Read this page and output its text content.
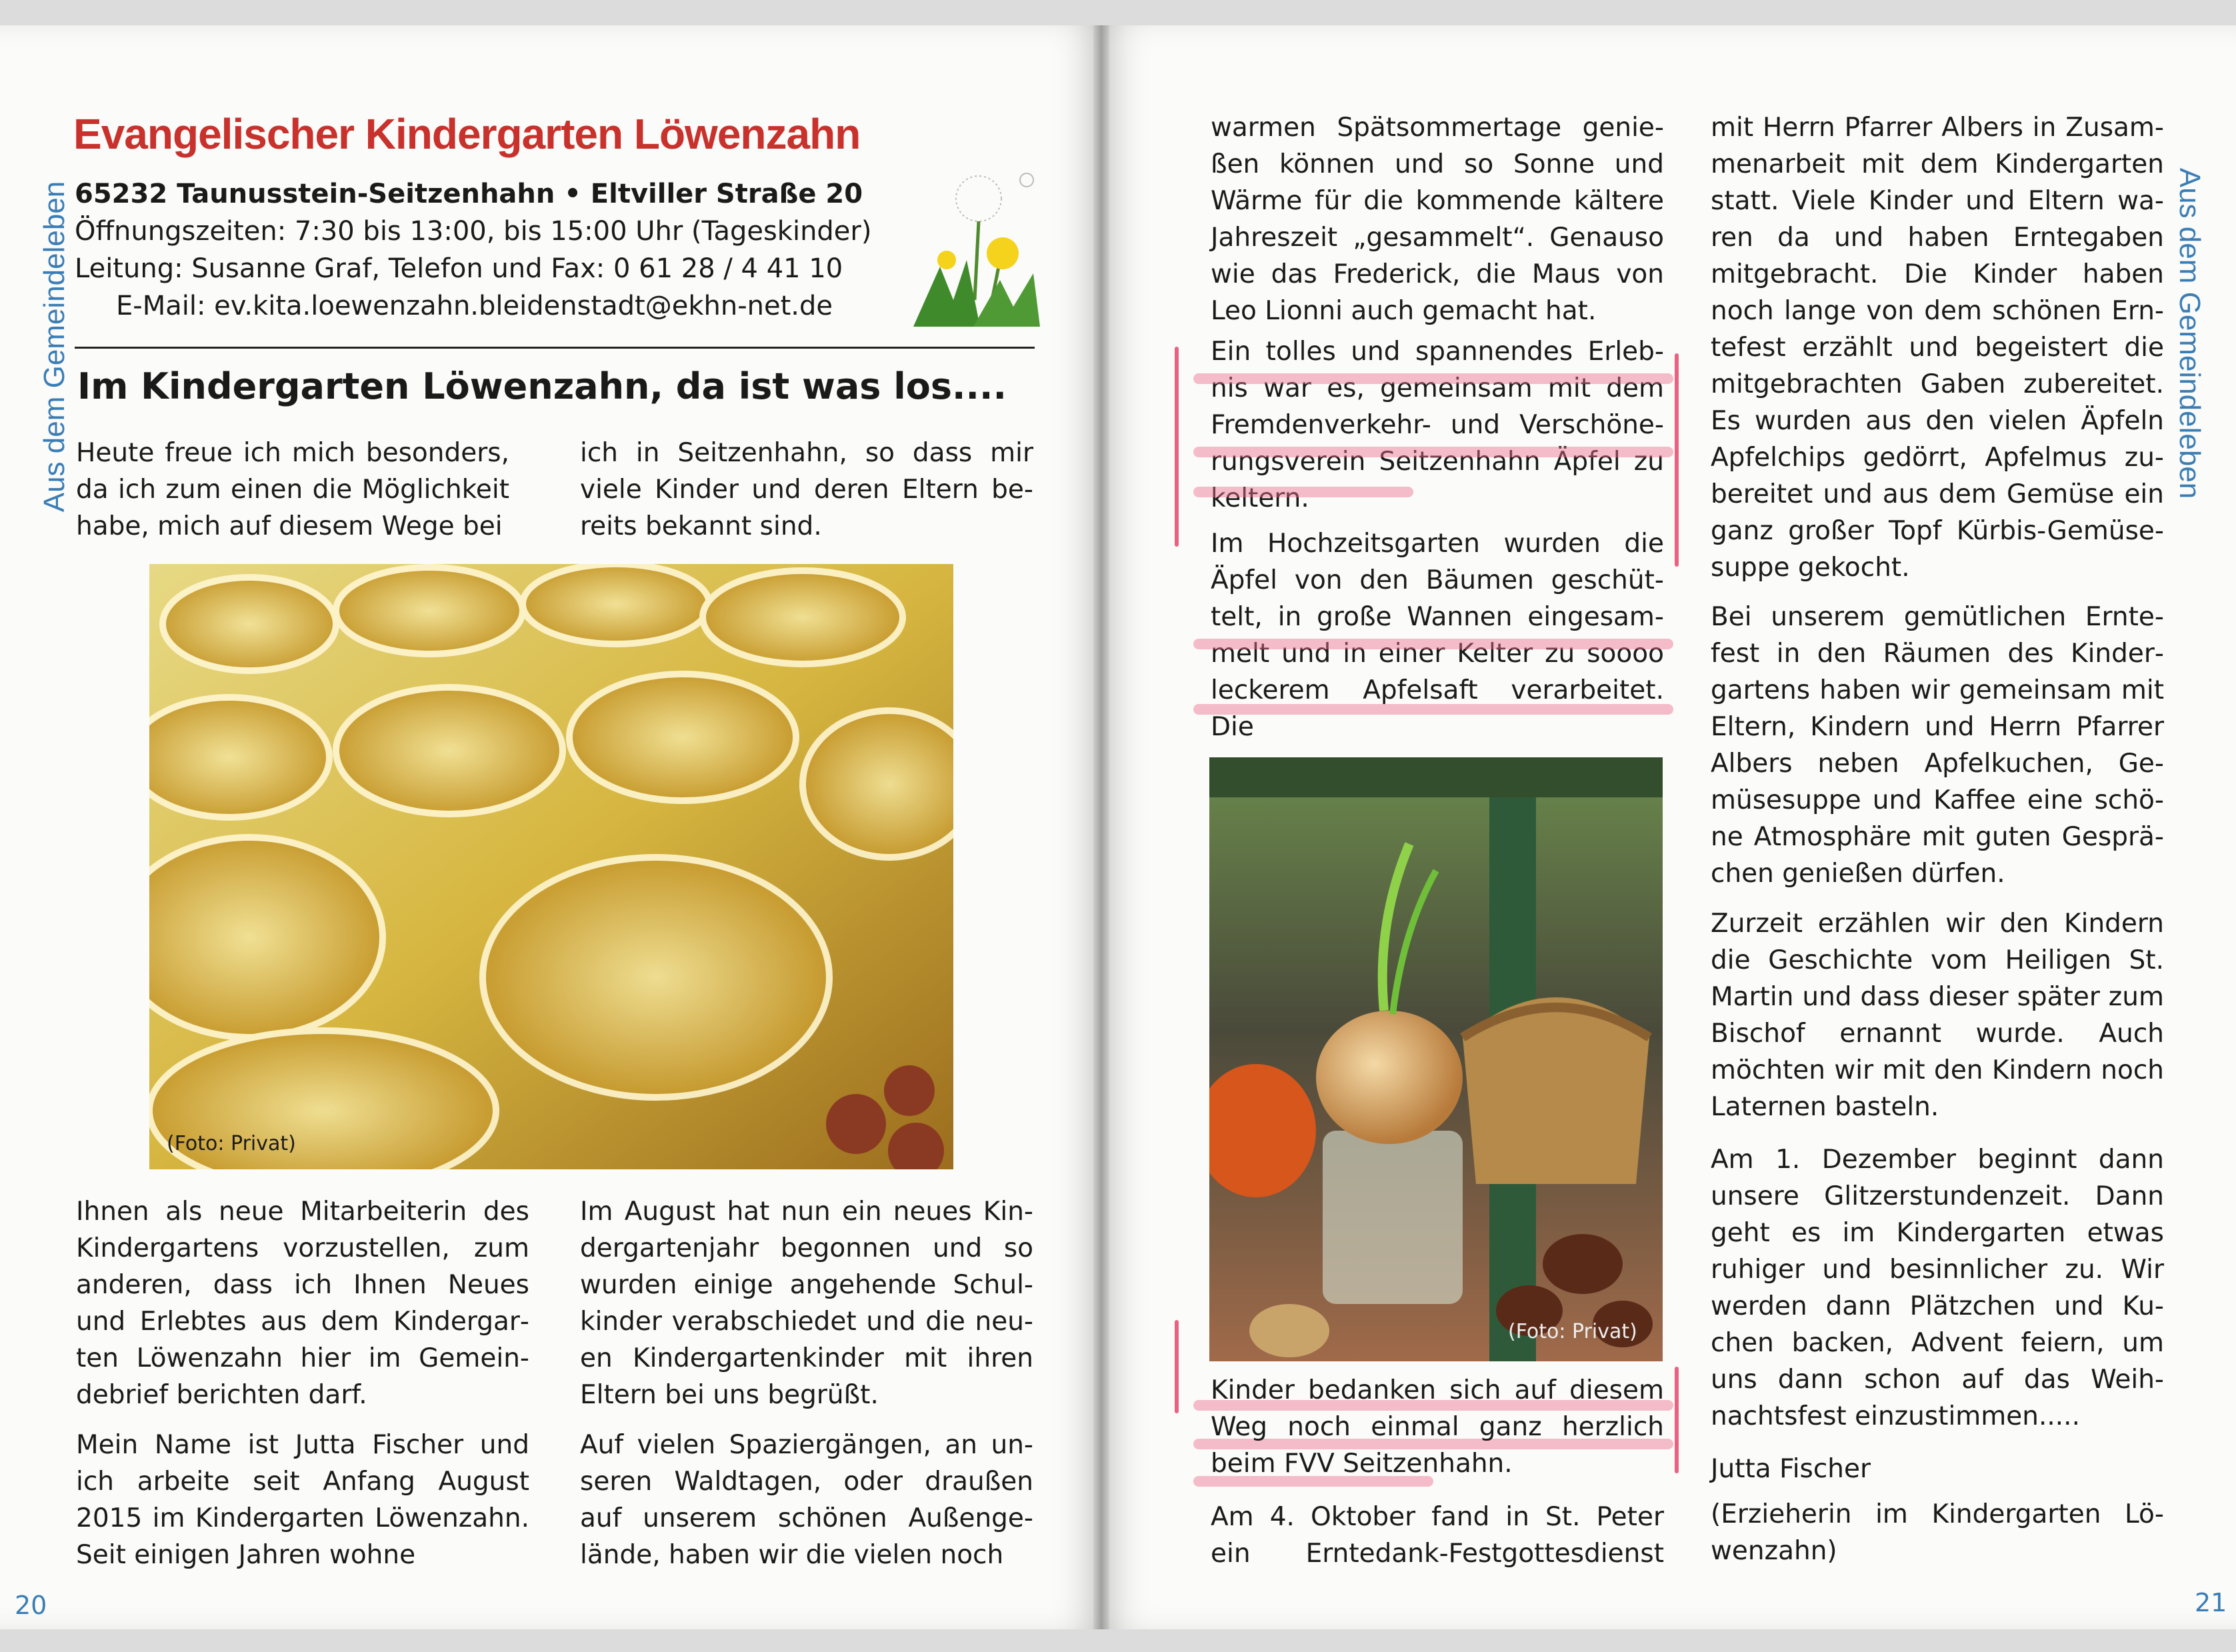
Aus dem Gemeindeleben	Aus dem Gemeindeleben
20	21
Evangelischer Kindergarten Löwenzahn
65232 Taunusstein-Seitzenhahn • Eltviller Straße 20
Öffnungszeiten: 7:30 bis 13:00, bis 15:00 Uhr (Tageskinder)
Leitung: Susanne Graf, Telefon und Fax: 0 61 28 / 4 41 10
E-Mail: ev.kita.loewenzahn.bleidenstadt@ekhn-net.de
Im Kindergarten Löwenzahn, da ist was los....

Heute freue ich mich besonders, da ich zum einen die Möglichkeit habe, mich auf diesem Wege bei

ich in Seitzenhahn, so dass mir viele Kinder und deren Eltern bereits bekannt sind.

(Foto: Privat)

Ihnen als neue Mitarbeiterin des Kindergartens vorzustellen, zum anderen, dass ich Ihnen Neues und Erlebtes aus dem Kindergarten Löwenzahn hier im Gemeindebrief berichten darf.

Mein Name ist Jutta Fischer und ich arbeite seit Anfang August 2015 im Kindergarten Löwenzahn. Seit einigen Jahren wohne

Im August hat nun ein neues Kindergartenjahr begonnen und so wurden einige angehende Schulkinder verabschiedet und die neuen Kindergartenkinder mit ihren Eltern bei uns begrüßt.

Auf vielen Spaziergängen, an unseren Waldtagen, oder draußen auf unserem schönen Außengelände, haben wir die vielen noch

warmen Spätsommertage genießen können und so Sonne und Wärme für die kommende kältere Jahreszeit „gesammelt“. Genauso wie das Frederick, die Maus von Leo Lionni auch gemacht hat.

Ein tolles und spannendes Erlebnis war es, gemeinsam mit dem Fremdenverkehr- und Verschönerungsverein Seitzenhahn Äpfel zu keltern.

Im Hochzeitsgarten wurden die Äpfel von den Bäumen geschüttelt, in große Wannen eingesammelt und in einer Kelter zu soooo leckerem Apfelsaft verarbeitet. Die

(Foto: Privat)

Kinder bedanken sich auf diesem Weg noch einmal ganz herzlich beim FVV Seitzenhahn.

Am 4. Oktober fand in St. Peter ein Erntedank-Festgottesdienst

mit Herrn Pfarrer Albers in Zusammenarbeit mit dem Kindergarten statt. Viele Kinder und Eltern waren da und haben Erntegaben mitgebracht. Die Kinder haben noch lange von dem schönen Erntefest erzählt und begeistert die mitgebrachten Gaben zubereitet. Es wurden aus den vielen Äpfeln Apfelchips gedörrt, Apfelmus zubereitet und aus dem Gemüse ein ganz großer Topf Kürbis-Gemüsesuppe gekocht.

Bei unserem gemütlichen Erntefest in den Räumen des Kindergartens haben wir gemeinsam mit Eltern, Kindern und Herrn Pfarrer Albers neben Apfelkuchen, Gemüsesuppe und Kaffee eine schöne Atmosphäre mit guten Gesprächen genießen dürfen.

Zurzeit erzählen wir den Kindern die Geschichte vom Heiligen St. Martin und dass dieser später zum Bischof ernannt wurde. Auch möchten wir mit den Kindern noch Laternen basteln.

Am 1. Dezember beginnt dann unsere Glitzerstundenzeit. Dann geht es im Kindergarten etwas ruhiger und besinnlicher zu. Wir werden dann Plätzchen und Kuchen backen, Advent feiern, um uns dann schon auf das Weihnachtsfest einzustimmen.....

Jutta Fischer

(Erzieherin im Kindergarten Löwenzahn)
